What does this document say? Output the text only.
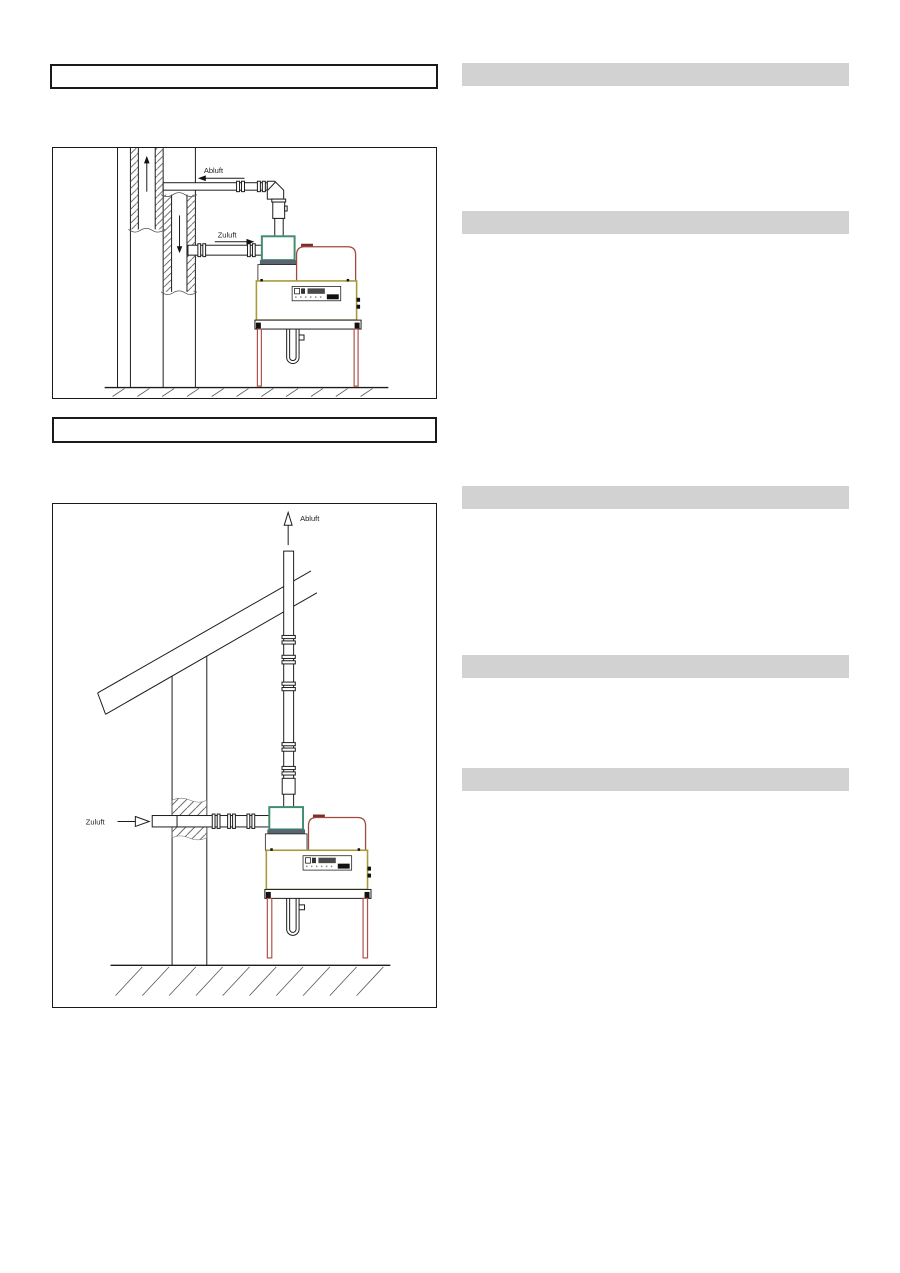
Abluft
Zuluft
Abluft
Zuluft
